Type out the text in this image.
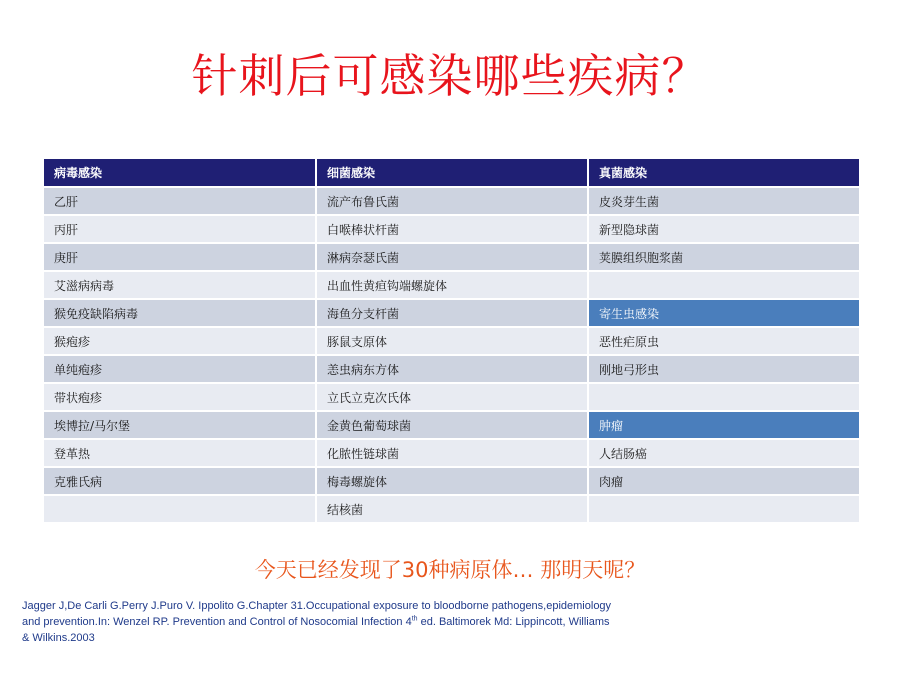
针刺后可感染哪些疾病？
病毒感染	细菌感染	真菌感染
乙肝	流产布鲁氏菌	皮炎芽生菌
丙肝	白喉棒状杆菌	新型隐球菌
庚肝	淋病奈瑟氏菌	荚膜组织胞浆菌
艾滋病病毒	出血性黄疸钩端螺旋体	
猴免疫缺陷病毒	海鱼分支杆菌	寄生虫感染
猴疱疹	豚鼠支原体	恶性疟原虫
单纯疱疹	恙虫病东方体	刚地弓形虫
带状疱疹	立氏立克次氏体	
埃博拉/马尔堡	金黄色葡萄球菌	肿瘤
登革热	化脓性链球菌	人结肠癌
克雅氏病	梅毒螺旋体	肉瘤
	结核菌	
今天已经发现了30种病原体… 那明天呢？
Jagger J,De Carli G.Perry J.Puro V. Ippolito G.Chapter 31.Occupational exposure to bloodborne pathogens,epidemiology
and prevention.In: Wenzel RP. Prevention and Control of Nosocomial Infection 4th ed. Baltimorek Md: Lippincott, Williams
& Wilkins.2003
